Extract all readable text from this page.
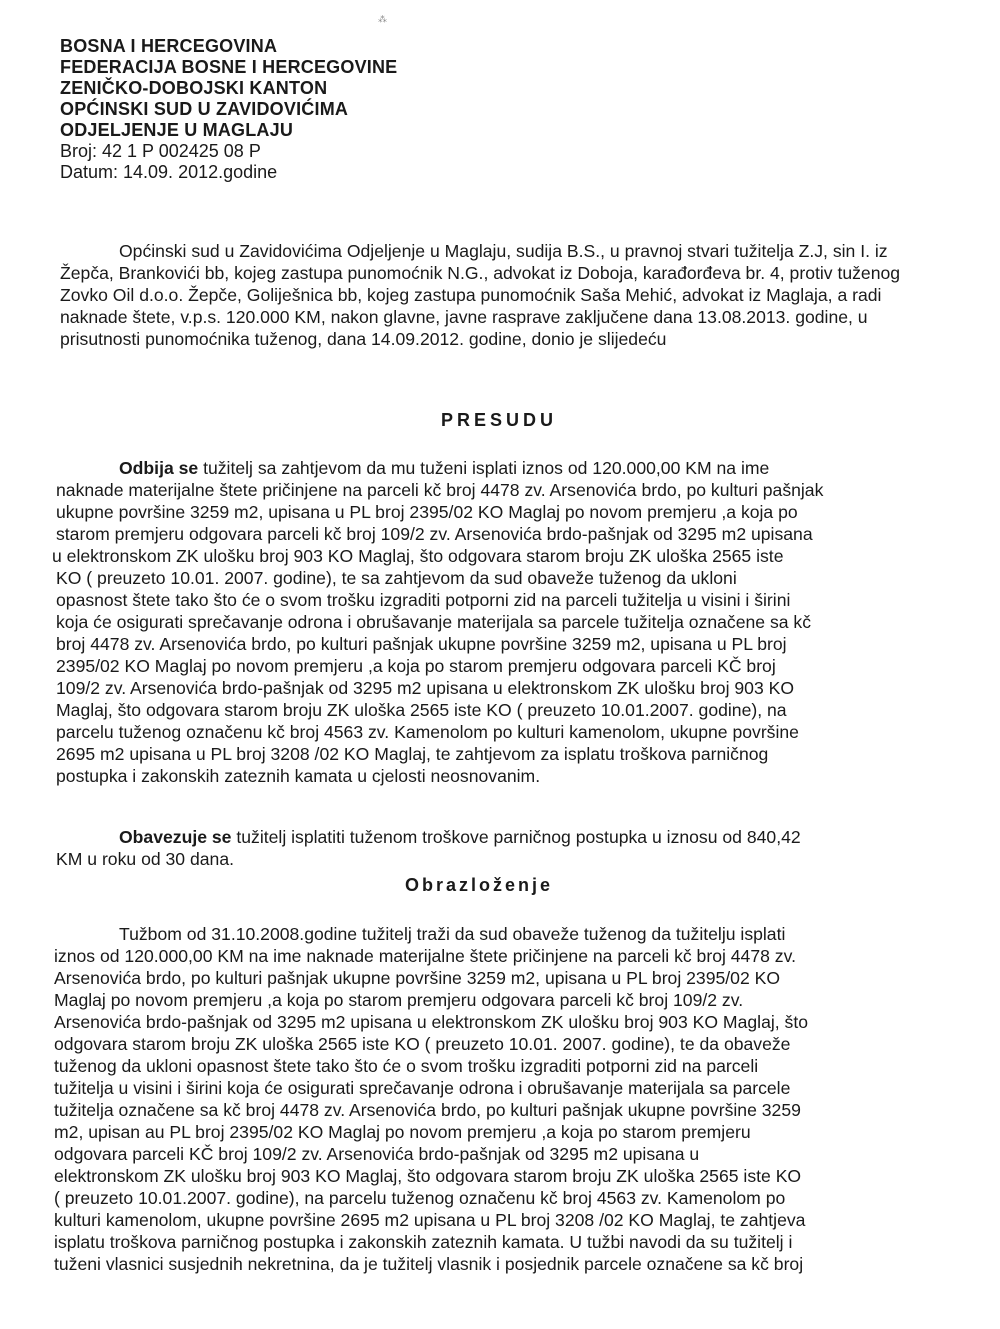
⁂
BOSNA I HERCEGOVINA
FEDERACIJA BOSNE I HERCEGOVINE
ZENIČKO-DOBOJSKI KANTON
OPĆINSKI SUD U ZAVIDOVIĆIMA
ODJELJENJE U MAGLAJU
Broj: 42 1 P 002425 08 P
Datum: 14.09. 2012.godine
Općinski sud u Zavidovićima Odjeljenje u Maglaju, sudija B.S., u pravnoj stvari tužitelja Z.J, sin I. iz
Žepča, Brankovići bb, kojeg zastupa punomoćnik N.G., advokat iz Doboja, karađorđeva br. 4, protiv tuženog
Zovko Oil d.o.o. Žepče, Goliješnica bb, kojeg zastupa punomoćnik Saša Mehić, advokat iz Maglaja, a radi
naknade štete, v.p.s. 120.000 KM, nakon glavne, javne rasprave zaključene dana 13.08.2013. godine, u
prisutnosti punomoćnika tuženog, dana 14.09.2012. godine, donio je slijedeću
PRESUDU
Odbija se tužitelj sa zahtjevom da mu tuženi isplati iznos od 120.000,00 KM na ime
naknade materijalne štete pričinjene na parceli kč broj 4478 zv. Arsenovića brdo, po kulturi pašnjak
ukupne površine 3259 m2, upisana u PL broj 2395/02 KO Maglaj po novom premjeru ,a koja po
starom premjeru odgovara parceli kč broj 109/2 zv. Arsenovića brdo-pašnjak od 3295 m2 upisana
u elektronskom ZK ulošku broj 903 KO Maglaj, što odgovara starom broju ZK uloška 2565 iste
KO ( preuzeto 10.01. 2007. godine), te sa zahtjevom da sud obaveže tuženog da ukloni
opasnost štete tako što će o svom trošku izgraditi potporni zid na parceli tužitelja u visini i širini
koja će osigurati sprečavanje odrona i obrušavanje materijala sa parcele tužitelja označene sa kč
broj 4478 zv. Arsenovića brdo, po kulturi pašnjak ukupne površine 3259 m2, upisana u PL broj
2395/02 KO Maglaj po novom premjeru ,a koja po starom premjeru odgovara parceli KČ broj
109/2 zv. Arsenovića brdo-pašnjak od 3295 m2 upisana u elektronskom ZK ulošku broj 903 KO
Maglaj, što odgovara starom broju ZK uloška 2565 iste KO ( preuzeto 10.01.2007. godine), na
parcelu tuženog označenu kč broj 4563 zv. Kamenolom po kulturi kamenolom, ukupne površine
2695 m2 upisana u PL broj 3208 /02 KO Maglaj, te zahtjevom za isplatu troškova parničnog
postupka i zakonskih zateznih kamata u cjelosti neosnovanim.
Obavezuje se tužitelj isplatiti tuženom troškove parničnog postupka u iznosu od 840,42
KM u roku od 30 dana.
Obrazloženje
Tužbom od 31.10.2008.godine tužitelj traži da sud obaveže tuženog da tužitelju isplati
iznos od 120.000,00 KM na ime naknade materijalne štete pričinjene na parceli kč broj 4478 zv.
Arsenovića brdo, po kulturi pašnjak ukupne površine 3259 m2, upisana u PL broj 2395/02 KO
Maglaj po novom premjeru ,a koja po starom premjeru odgovara parceli kč broj 109/2 zv.
Arsenovića brdo-pašnjak od 3295 m2 upisana u elektronskom ZK ulošku broj 903 KO Maglaj, što
odgovara starom broju ZK uloška 2565 iste KO ( preuzeto 10.01. 2007. godine), te da obaveže
tuženog da ukloni opasnost štete tako što će o svom trošku izgraditi potporni zid na parceli
tužitelja u visini i širini koja će osigurati sprečavanje odrona i obrušavanje materijala sa parcele
tužitelja označene sa kč broj 4478 zv. Arsenovića brdo, po kulturi pašnjak ukupne površine 3259
m2, upisan au PL broj 2395/02 KO Maglaj po novom premjeru ,a koja po starom premjeru
odgovara parceli KČ broj 109/2 zv. Arsenovića brdo-pašnjak od 3295 m2 upisana u
elektronskom ZK ulošku broj 903 KO Maglaj, što odgovara starom broju ZK uloška 2565 iste KO
( preuzeto 10.01.2007. godine), na parcelu tuženog označenu kč broj 4563 zv. Kamenolom po
kulturi kamenolom, ukupne površine 2695 m2 upisana u PL broj 3208 /02 KO Maglaj, te zahtjeva
isplatu troškova parničnog postupka i zakonskih zateznih kamata. U tužbi navodi da su tužitelj i
tuženi vlasnici susjednih nekretnina, da je tužitelj vlasnik i posjednik parcele označene sa kč broj
